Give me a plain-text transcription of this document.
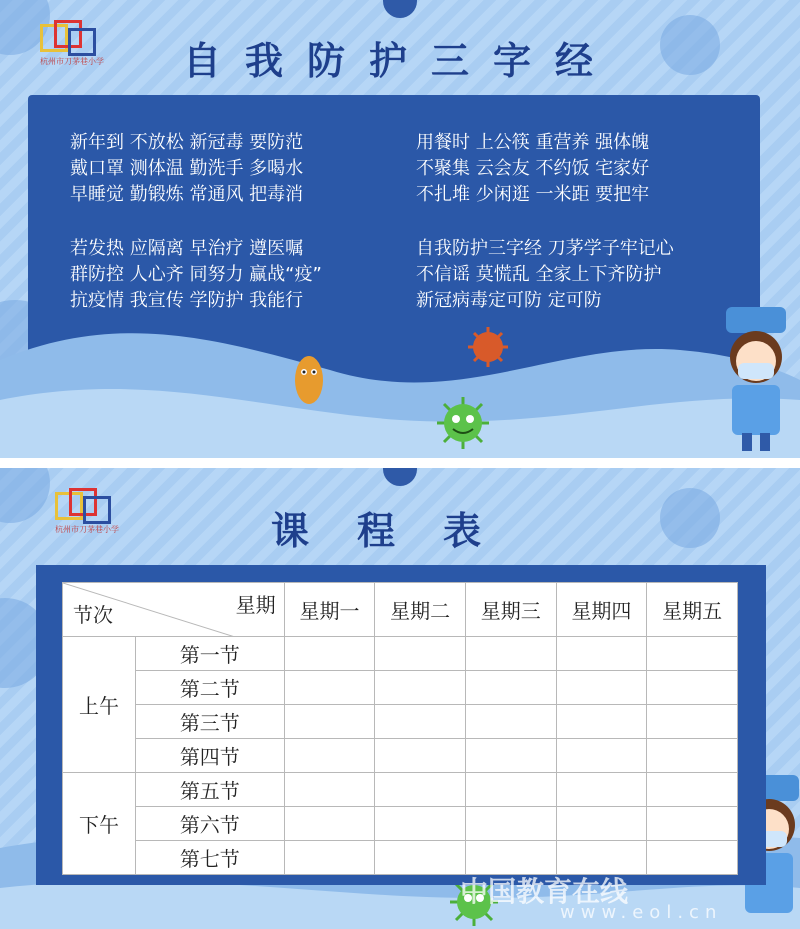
杭州市刀茅巷小学	自我防护三字经
新年到 不放松 新冠毒 要防范
戴口罩 测体温 勤洗手 多喝水
早睡觉 勤锻炼 常通风 把毒消
用餐时 上公筷 重营养 强体魄
不聚集 云会友 不约饭 宅家好
不扎堆 少闲逛 一米距 要把牢
若发热 应隔离 早治疗 遵医嘱
群防控 人心齐 同努力 赢战“疫”
抗疫情 我宣传 学防护 我能行
自我防护三字经 刀茅学子牢记心
不信谣 莫慌乱 全家上下齐防护
新冠病毒定可防 定可防
杭州市刀茅巷小学	课程表
星期
节次		星期一	星期二	星期三	星期四	星期五
上午	第一节					
	第二节					
	第三节					
	第四节					
下午	第五节					
	第六节					
	第七节					
中国教育在线
www.eol.cn
